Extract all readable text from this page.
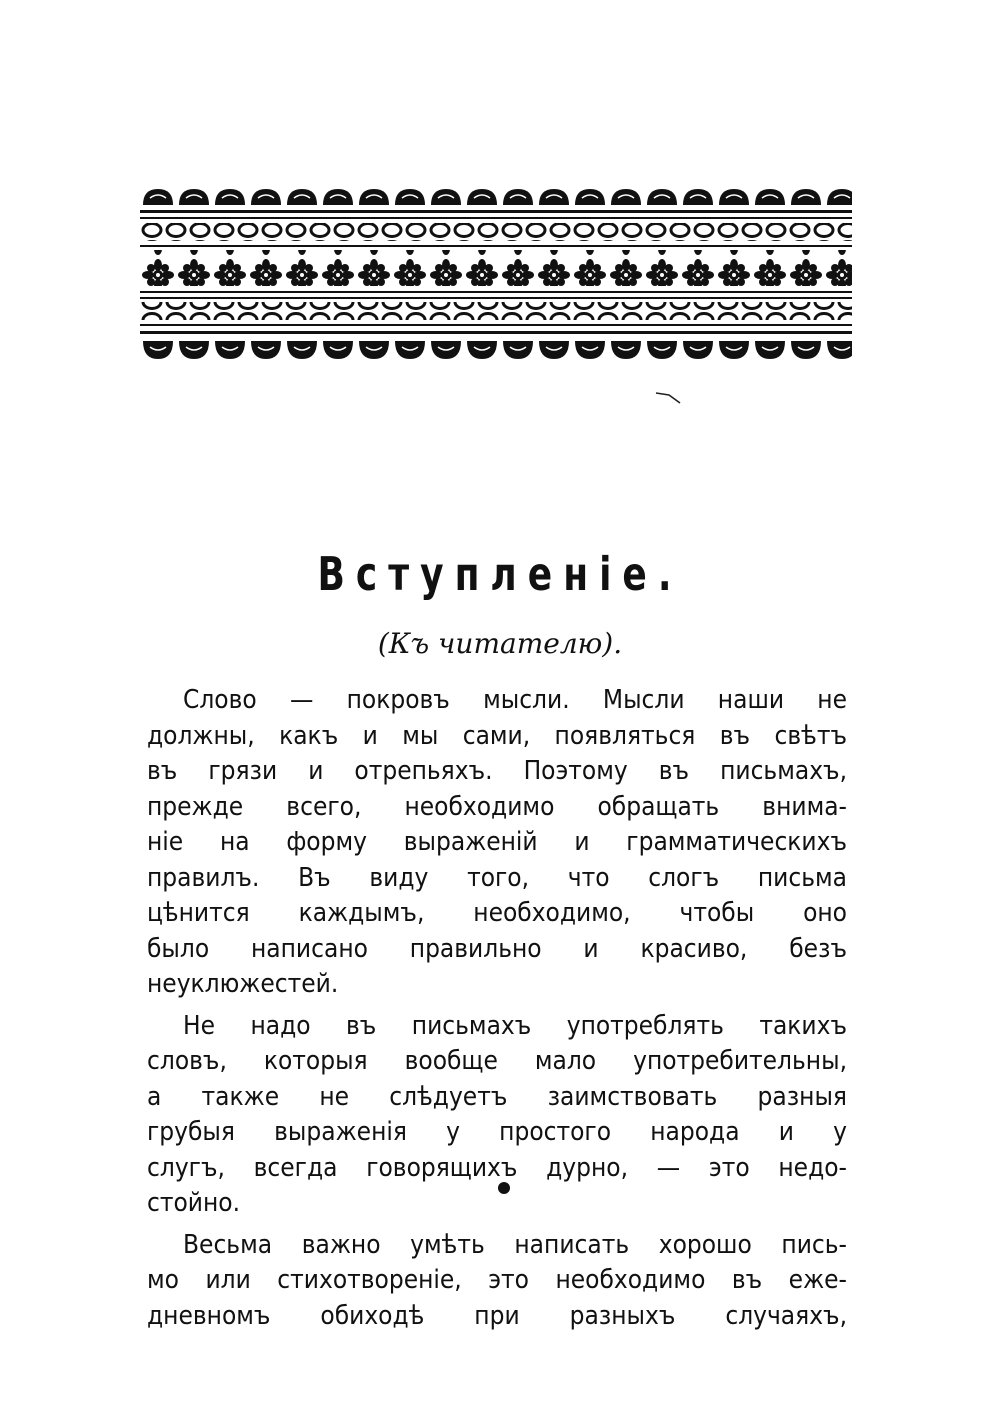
Вступленіе.
(Къ читателю).
Слово — покровъ мысли. Мысли наши не
должны, какъ и мы сами, появляться въ свѣтъ
въ грязи и отрепьяхъ. Поэтому въ письмахъ,
прежде всего, необходимо обращать внима-
ніе на форму выраженій и грамматическихъ
правилъ. Въ виду того, что слогъ письма
цѣнится каждымъ, необходимо, чтобы оно
было написано правильно и красиво, безъ
неуклюжестей.
Не надо въ письмахъ употреблять такихъ
словъ, которыя вообще мало употребительны,
а также не слѣдуетъ заимствовать разныя
грубыя выраженія у простого народа и у
слугъ, всегда говорящихъ дурно, — это недо-
стойно.
Весьма важно умѣть написать хорошо пись-
мо или стихотвореніе, это необходимо въ еже-
дневномъ обиходѣ при разныхъ случаяхъ,
